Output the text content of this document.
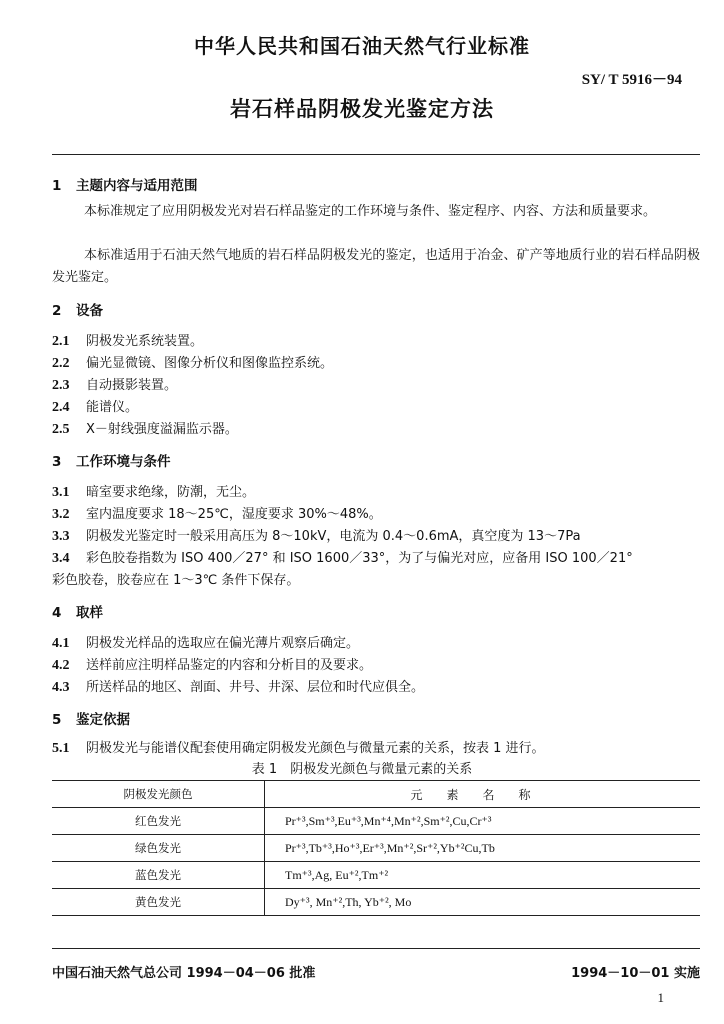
中华人民共和国石油天然气行业标准
SY/ T 5916－94
岩石样品阴极发光鉴定方法
1 主题内容与适用范围
本标准规定了应用阴极发光对岩石样品鉴定的工作环境与条件、鉴定程序、内容、方法和质量要求。
本标准适用于石油天然气地质的岩石样品阴极发光的鉴定，也适用于冶金、矿产等地质行业的岩石样品阴极发光鉴定。
2 设备
2.1 阴极发光系统装置。
2.2 偏光显微镜、图像分析仪和图像监控系统。
2.3 自动摄影装置。
2.4 能谱仪。
2.5 X－射线强度溢漏监示器。
3 工作环境与条件
3.1 暗室要求绝缘，防潮，无尘。
3.2 室内温度要求 18～25℃，湿度要求 30%～48%。
3.3 阴极发光鉴定时一般采用高压为 8～10kV，电流为 0.4～0.6mA，真空度为 13～7Pa
3.4 彩色胶卷指数为 ISO 400／27° 和 ISO 1600／33°，为了与偏光对应，应备用 ISO 100／21°
彩色胶卷，胶卷应在 1～3℃ 条件下保存。
4 取样
4.1 阴极发光样品的选取应在偏光薄片观察后确定。
4.2 送样前应注明样品鉴定的内容和分析目的及要求。
4.3 所送样品的地区、剖面、井号、井深、层位和时代应俱全。
5 鉴定依据
5.1 阴极发光与能谱仪配套使用确定阴极发光颜色与微量元素的关系，按表 1 进行。
表 1　阴极发光颜色与微量元素的关系
阴极发光颜色	元素名称
红色发光	Pr⁺³,Sm⁺³,Eu⁺³,Mn⁺⁴,Mn⁺²,Sm⁺²,Cu,Cr⁺³
绿色发光	Pr⁺³,Tb⁺³,Ho⁺³,Er⁺³,Mn⁺²,Sr⁺²,Yb⁺²Cu,Tb
蓝色发光	Tm⁺³,Ag, Eu⁺²,Tm⁺²
黄色发光	Dy⁺³, Mn⁺²,Th, Yb⁺², Mo
中国石油天然气总公司 1994－04－06 批准	1994－10－01 实施
1
